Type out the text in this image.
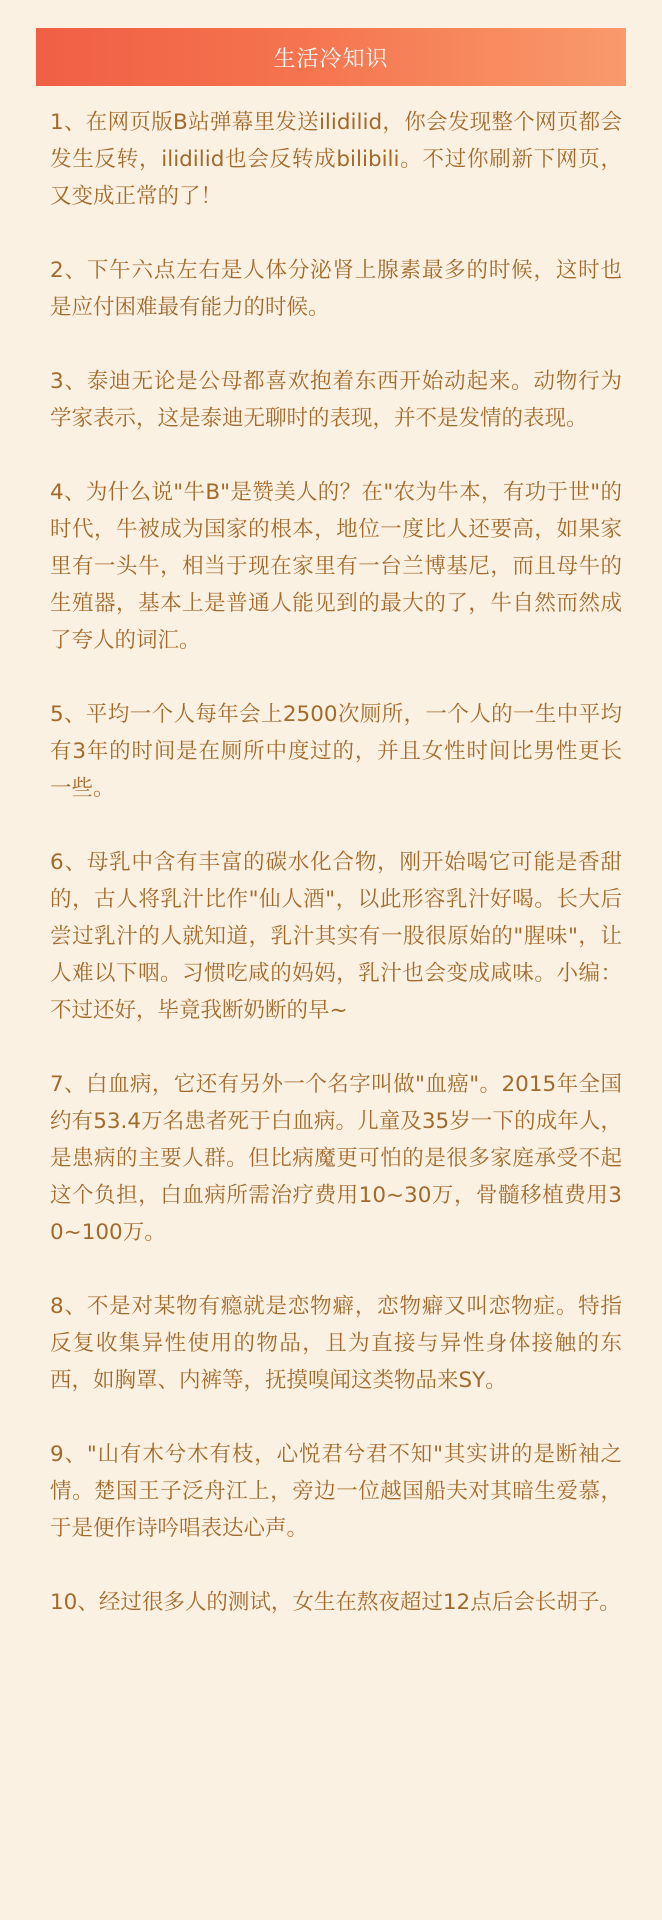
生活冷知识

1、在网页版B站弹幕里发送ilidilid，你会发现整个网页都会发生反转，ilidilid也会反转成bilibili。不过你刷新下网页，又变成正常的了！

2、下午六点左右是人体分泌肾上腺素最多的时候，这时也是应付困难最有能力的时候。

3、泰迪无论是公母都喜欢抱着东西开始动起来。动物行为学家表示，这是泰迪无聊时的表现，并不是发情的表现。

4、为什么说"牛B"是赞美人的？在"农为牛本，有功于世"的时代，牛被成为国家的根本，地位一度比人还要高，如果家里有一头牛，相当于现在家里有一台兰博基尼，而且母牛的生殖器，基本上是普通人能见到的最大的了，牛自然而然成了夸人的词汇。

5、平均一个人每年会上2500次厕所，一个人的一生中平均有3年的时间是在厕所中度过的，并且女性时间比男性更长一些。

6、母乳中含有丰富的碳水化合物，刚开始喝它可能是香甜的，古人将乳汁比作"仙人酒"，以此形容乳汁好喝。长大后尝过乳汁的人就知道，乳汁其实有一股很原始的"腥味"，让人难以下咽。习惯吃咸的妈妈，乳汁也会变成咸味。小编：不过还好，毕竟我断奶断的早~

7、白血病，它还有另外一个名字叫做"血癌"。2015年全国约有53.4万名患者死于白血病。儿童及35岁一下的成年人，是患病的主要人群。但比病魔更可怕的是很多家庭承受不起这个负担，白血病所需治疗费用10~30万，骨髓移植费用30~100万。

8、不是对某物有瘾就是恋物癖，恋物癖又叫恋物症。特指反复收集异性使用的物品，且为直接与异性身体接触的东西，如胸罩、内裤等，抚摸嗅闻这类物品来SY。

9、"山有木兮木有枝，心悦君兮君不知"其实讲的是断袖之情。楚国王子泛舟江上，旁边一位越国船夫对其暗生爱慕，于是便作诗吟唱表达心声。

10、经过很多人的测试，女生在熬夜超过12点后会长胡子。
